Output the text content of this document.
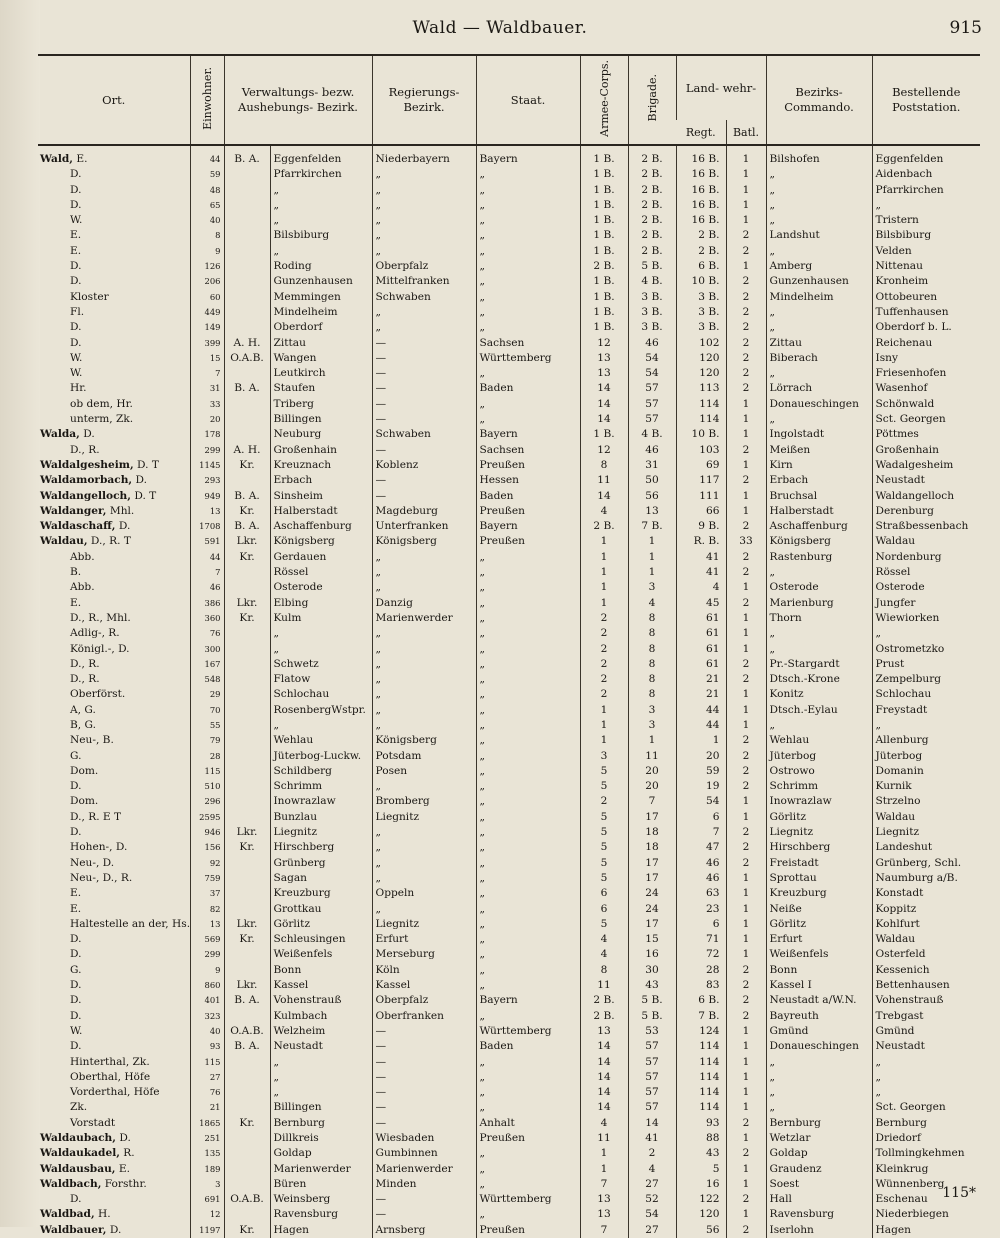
Wald — Waldbauer.	915
Ort.	Einwohner.	Verwaltungs- bezw. Aushebungs- Bezirk.		Regierungs- Bezirk.	Staat.	Armee-Corps.	Brigade.	Land- wehr-		Bezirks- Commando.	Bestellende Poststation.
								Regt.	Batl.		
Wald, E.	44	B. A.	Eggenfelden	Niederbayern	Bayern	1 B.	2 B.	16 B.	1	Bilshofen	Eggenfelden
D.	59		Pfarrkirchen	„	„	1 B.	2 B.	16 B.	1	„	Aidenbach
D.	48		„	„	„	1 B.	2 B.	16 B.	1	„	Pfarrkirchen
D.	65		„	„	„	1 B.	2 B.	16 B.	1	„	„
W.	40		„	„	„	1 B.	2 B.	16 B.	1	„	Tristern
E.	8		Bilsbiburg	„	„	1 B.	2 B.	2 B.	2	Landshut	Bilsbiburg
E.	9		„	„	„	1 B.	2 B.	2 B.	2	„	Velden
D.	126		Roding	Oberpfalz	„	2 B.	5 B.	6 B.	1	Amberg	Nittenau
D.	206		Gunzenhausen	Mittelfranken	„	1 B.	4 B.	10 B.	2	Gunzenhausen	Kronheim
Kloster	60		Memmingen	Schwaben	„	1 B.	3 B.	3 B.	2	Mindelheim	Ottobeuren
Fl.	449		Mindelheim	„	„	1 B.	3 B.	3 B.	2	„	Tuffenhausen
D.	149		Oberdorf	„	„	1 B.	3 B.	3 B.	2	„	Oberdorf b. L.
D.	399	A. H.	Zittau	—	Sachsen	12	46	102	2	Zittau	Reichenau
W.	15	O.A.B.	Wangen	—	Württemberg	13	54	120	2	Biberach	Isny
W.	7		Leutkirch	—	„	13	54	120	2	„	Friesenhofen
Hr.	31	B. A.	Staufen	—	Baden	14	57	113	2	Lörrach	Wasenhof
ob dem, Hr.	33		Triberg	—	„	14	57	114	1	Donaueschingen	Schönwald
unterm, Zk.	20		Billingen	—	„	14	57	114	1	„	Sct. Georgen
Walda, D.	178		Neuburg	Schwaben	Bayern	1 B.	4 B.	10 B.	1	Ingolstadt	Pöttmes
D., R.	299	A. H.	Großenhain	—	Sachsen	12	46	103	2	Meißen	Großenhain
Waldalgesheim, D. T	1145	Kr.	Kreuznach	Koblenz	Preußen	8	31	69	1	Kirn	Wadalgesheim
Waldamorbach, D.	293		Erbach	—	Hessen	11	50	117	2	Erbach	Neustadt
Waldangelloch, D. T	949	B. A.	Sinsheim	—	Baden	14	56	111	1	Bruchsal	Waldangelloch
Waldanger, Mhl.	13	Kr.	Halberstadt	Magdeburg	Preußen	4	13	66	1	Halberstadt	Derenburg
Waldaschaff, D.	1708	B. A.	Aschaffenburg	Unterfranken	Bayern	2 B.	7 B.	9 B.	2	Aschaffenburg	Straßbessenbach
Waldau, D., R. T	591	Lkr.	Königsberg	Königsberg	Preußen	1	1	R. B.	33	Königsberg	Waldau
Abb.	44	Kr.	Gerdauen	„	„	1	1	41	2	Rastenburg	Nordenburg
B.	7		Rössel	„	„	1	1	41	2	„	Rössel
Abb.	46		Osterode	„	„	1	3	4	1	Osterode	Osterode
E.	386	Lkr.	Elbing	Danzig	„	1	4	45	2	Marienburg	Jungfer
D., R., Mhl.	360	Kr.	Kulm	Marienwerder	„	2	8	61	1	Thorn	Wiewiorken
Adlig-, R.	76		„	„	„	2	8	61	1	„	„
Königl.-, D.	300		„	„	„	2	8	61	1	„	Ostrometzko
D., R.	167		Schwetz	„	„	2	8	61	2	Pr.-Stargardt	Prust
D., R.	548		Flatow	„	„	2	8	21	2	Dtsch.-Krone	Zempelburg
Oberförst.	29		Schlochau	„	„	2	8	21	1	Konitz	Schlochau
A, G.	70		RosenbergWstpr.	„	„	1	3	44	1	Dtsch.-Eylau	Freystadt
B, G.	55		„	„	„	1	3	44	1	„	„
Neu-, B.	79		Wehlau	Königsberg	„	1	1	1	2	Wehlau	Allenburg
G.	28		Jüterbog-Luckw.	Potsdam	„	3	11	20	2	Jüterbog	Jüterbog
Dom.	115		Schildberg	Posen	„	5	20	59	2	Ostrowo	Domanin
D.	510		Schrimm	„	„	5	20	19	2	Schrimm	Kurnik
Dom.	296		Inowrazlaw	Bromberg	„	2	7	54	1	Inowrazlaw	Strzelno
D., R. E T	2595		Bunzlau	Liegnitz	„	5	17	6	1	Görlitz	Waldau
D.	946	Lkr.	Liegnitz	„	„	5	18	7	2	Liegnitz	Liegnitz
Hohen-, D.	156	Kr.	Hirschberg	„	„	5	18	47	2	Hirschberg	Landeshut
Neu-, D.	92		Grünberg	„	„	5	17	46	2	Freistadt	Grünberg, Schl.
Neu-, D., R.	759		Sagan	„	„	5	17	46	1	Sprottau	Naumburg a/B.
E.	37		Kreuzburg	Oppeln	„	6	24	63	1	Kreuzburg	Konstadt
E.	82		Grottkau	„	„	6	24	23	1	Neiße	Koppitz
Haltestelle an der, Hs.	13	Lkr.	Görlitz	Liegnitz	„	5	17	6	1	Görlitz	Kohlfurt
D.	569	Kr.	Schleusingen	Erfurt	„	4	15	71	1	Erfurt	Waldau
D.	299		Weißenfels	Merseburg	„	4	16	72	1	Weißenfels	Osterfeld
G.	9		Bonn	Köln	„	8	30	28	2	Bonn	Kessenich
D.	860	Lkr.	Kassel	Kassel	„	11	43	83	2	Kassel I	Bettenhausen
D.	401	B. A.	Vohenstrauß	Oberpfalz	Bayern	2 B.	5 B.	6 B.	2	Neustadt a/W.N.	Vohenstrauß
D.	323		Kulmbach	Oberfranken	„	2 B.	5 B.	7 B.	2	Bayreuth	Trebgast
W.	40	O.A.B.	Welzheim	—	Württemberg	13	53	124	1	Gmünd	Gmünd
D.	93	B. A.	Neustadt	—	Baden	14	57	114	1	Donaueschingen	Neustadt
Hinterthal, Zk.	115		„	—	„	14	57	114	1	„	„
Oberthal, Höfe	27		„	—	„	14	57	114	1	„	„
Vorderthal, Höfe	76		„	—	„	14	57	114	1	„	„
Zk.	21		Billingen	—	„	14	57	114	1	„	Sct. Georgen
Vorstadt	1865	Kr.	Bernburg	—	Anhalt	4	14	93	2	Bernburg	Bernburg
Waldaubach, D.	251		Dillkreis	Wiesbaden	Preußen	11	41	88	1	Wetzlar	Driedorf
Waldaukadel, R.	135		Goldap	Gumbinnen	„	1	2	43	2	Goldap	Tollmingkehmen
Waldausbau, E.	189		Marienwerder	Marienwerder	„	1	4	5	1	Graudenz	Kleinkrug
Waldbach, Forsthr.	3		Büren	Minden	„	7	27	16	1	Soest	Wünnenberg
D.	691	O.A.B.	Weinsberg	—	Württemberg	13	52	122	2	Hall	Eschenau
Waldbad, H.	12		Ravensburg	—	„	13	54	120	1	Ravensburg	Niederbiegen
Waldbauer, D.	1197	Kr.	Hagen	Arnsberg	Preußen	7	27	56	2	Iserlohn	Hagen
115*
